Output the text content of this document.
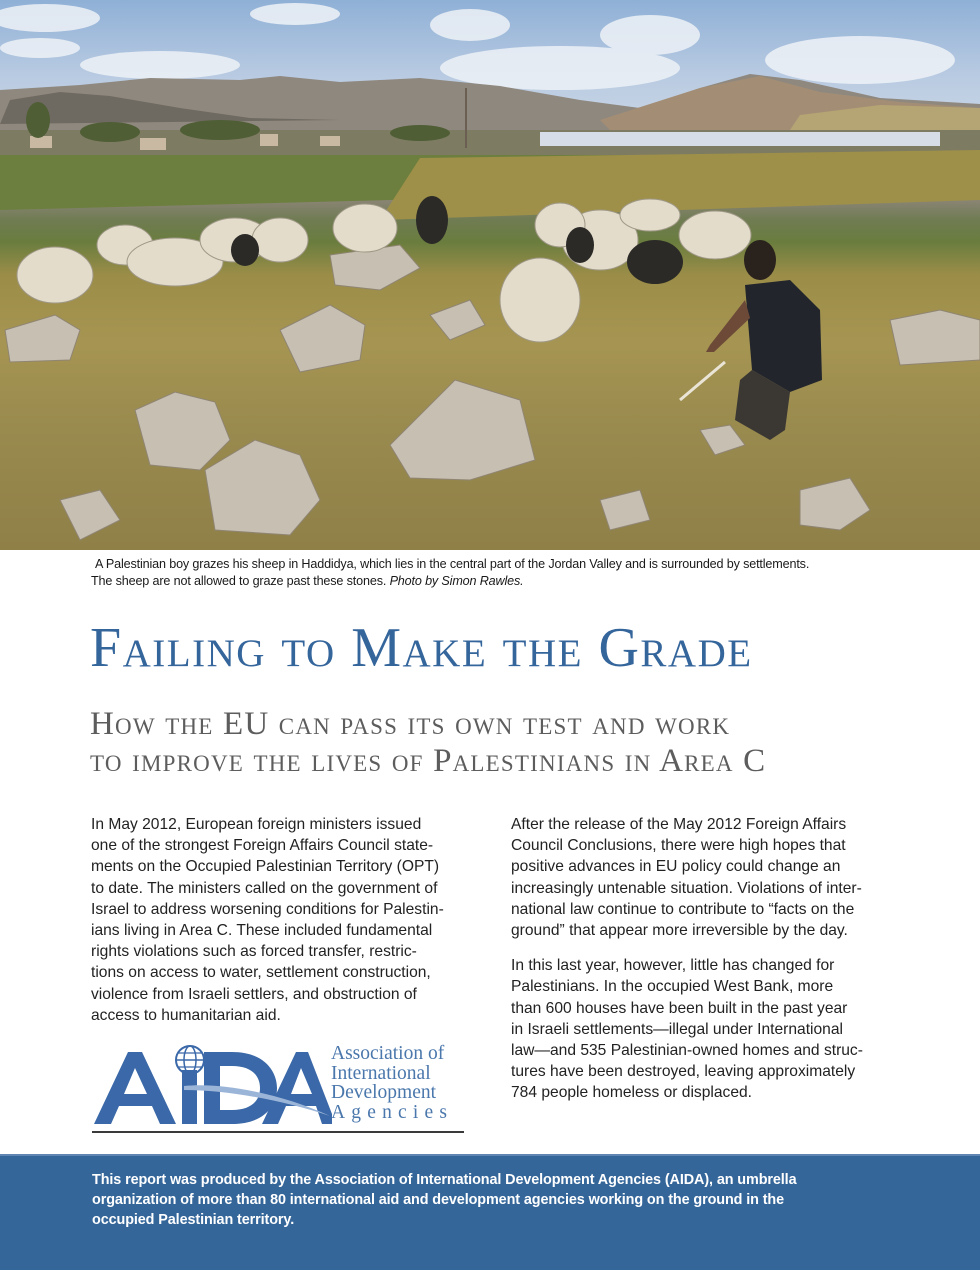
A Palestinian boy grazes his sheep in Haddidya, which lies in the central part of the Jordan Valley and is surrounded by settlements.
The sheep are not allowed to graze past these stones. Photo by Simon Rawles.
Failing to Make the Grade
How the EU can pass its own test and work
to improve the lives of Palestinians in Area C

In May 2012, European foreign ministers issued
one of the strongest Foreign Affairs Council state-
ments on the Occupied Palestinian Territory (OPT)
to date. The ministers called on the government of
Israel to address worsening conditions for Palestin-
ians living in Area C. These included fundamental
rights violations such as forced transfer, restric-
tions on access to water, settlement construction,
violence from Israeli settlers, and obstruction of
access to humanitarian aid.

After the release of the May 2012 Foreign Affairs
Council Conclusions, there were high hopes that
positive advances in EU policy could change an
increasingly untenable situation. Violations of inter-
national law continue to contribute to “facts on the
ground” that appear more irreversible by the day.

In this last year, however, little has changed for
Palestinians. In the occupied West Bank, more
than 600 houses have been built in the past year
in Israeli settlements—illegal under International
law—and 535 Palestinian-owned homes and struc-
tures have been destroyed, leaving approximately
784 people homeless or displaced.

Association of
International
Development
Agencies
This report was produced by the Association of International Development Agencies (AIDA), an umbrella
organization of more than 80 international aid and development agencies working on the ground in the
occupied Palestinian territory.
